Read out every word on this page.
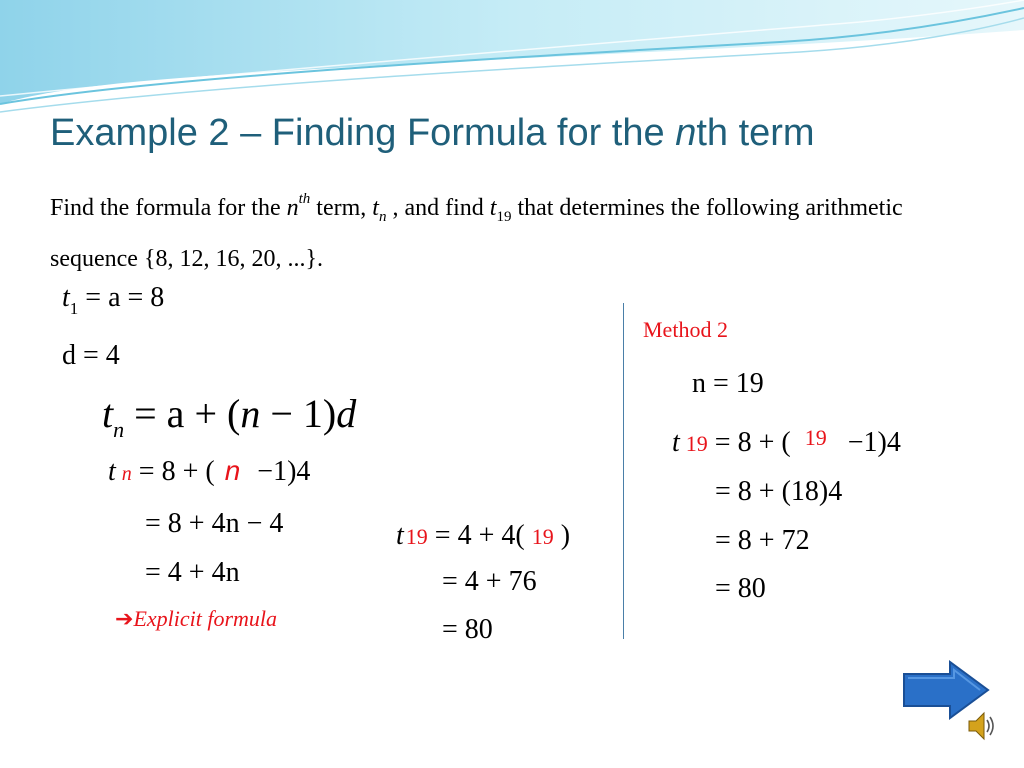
Example 2 – Finding Formula for the nth term
Find the formula for the $n^{th}$ term, $t_n$ , and find $t_{19}$ that determines the following arithmetic sequence {8, 12, 16, 20, ...}.
$t_1 = a = 8$
d = 4
$t_n = a + (n - 1)d$
t n = 8 + ( n −1)4
= 8 + 4n − 4
= 4 + 4n
➔Explicit formula
t19 = 4 + 4( 19 )
= 4 + 76
= 80
Method 2
n = 19
t 19 = 8 + ( $^{19}$ −1)4
= 8 + (18)4
= 8 + 72
= 80
